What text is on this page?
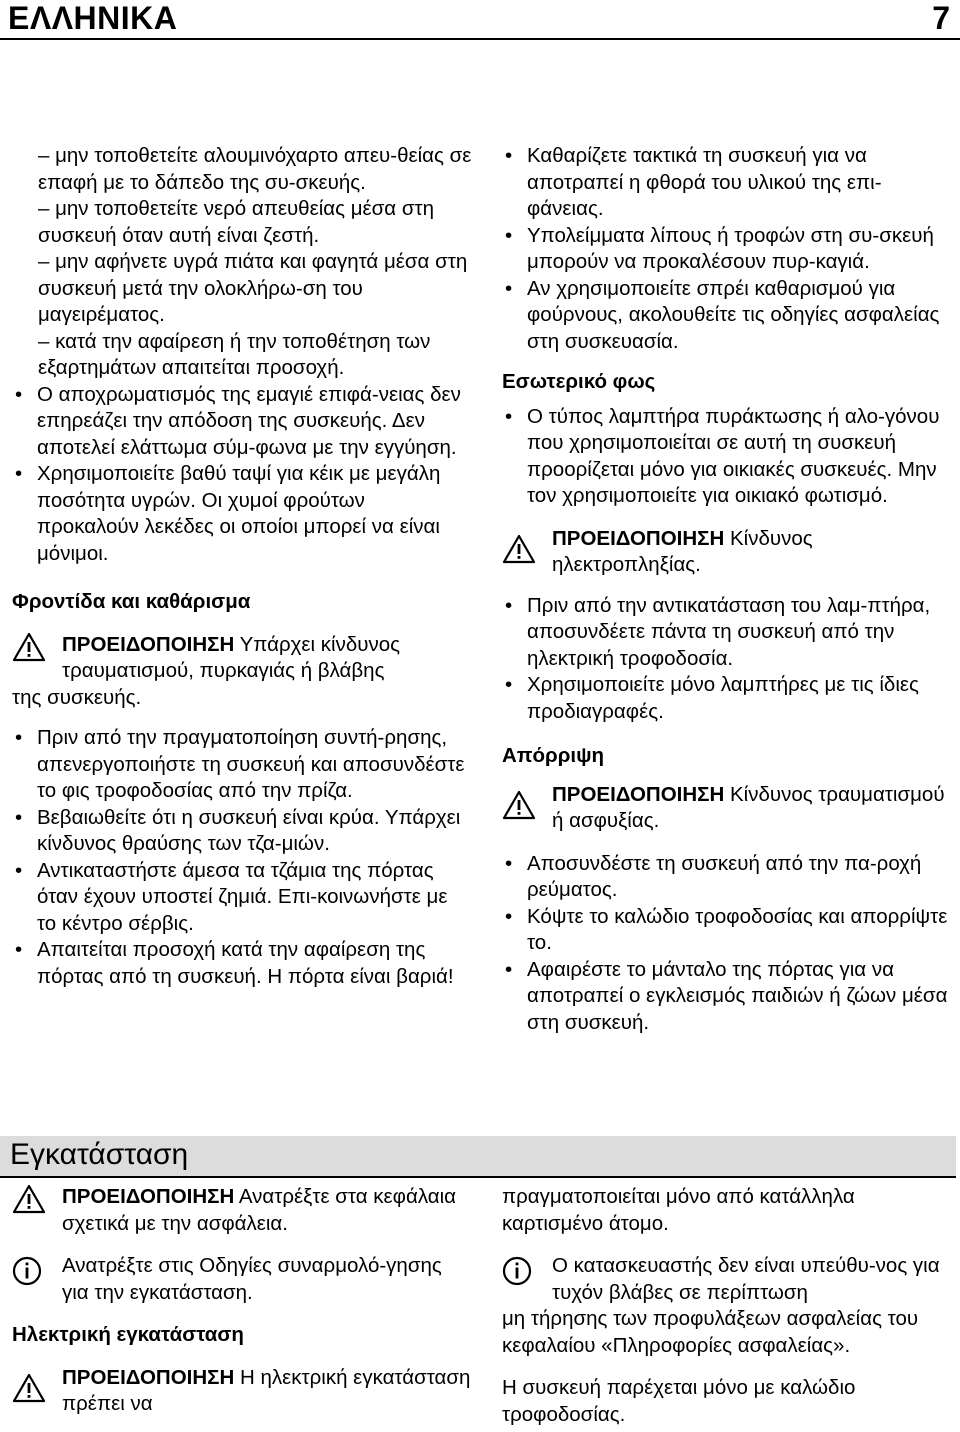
ΕΛΛΗΝΙΚΑ	7

– μην τοποθετείτε αλουμινόχαρτο απευ-θείας σε επαφή με το δάπεδο της συ-σκευής.

– μην τοποθετείτε νερό απευθείας μέσα στη συσκευή όταν αυτή είναι ζεστή.

– μην αφήνετε υγρά πιάτα και φαγητά μέσα στη συσκευή μετά την ολοκλήρω-ση του μαγειρέματος.

– κατά την αφαίρεση ή την τοποθέτηση των εξαρτημάτων απαιτείται προσοχή.

• Ο αποχρωματισμός της εμαγιέ επιφά-νειας δεν επηρεάζει την απόδοση της συσκευής. Δεν αποτελεί ελάττωμα σύμ-φωνα με την εγγύηση.

• Χρησιμοποιείτε βαθύ ταψί για κέικ με μεγάλη ποσότητα υγρών. Οι χυμοί φρούτων προκαλούν λεκέδες οι οποίοι μπορεί να είναι μόνιμοι.

Φροντίδα και καθάρισμα

ΠΡΟΕΙΔΟΠΟΙΗΣΗ Υπάρχει κίνδυνος τραυματισμού, πυρκαγιάς ή βλάβης
της συσκευής.

• Πριν από την πραγματοποίηση συντή-ρησης, απενεργοποιήστε τη συσκευή και αποσυνδέστε το φις τροφοδοσίας από την πρίζα.

• Βεβαιωθείτε ότι η συσκευή είναι κρύα. Υπάρχει κίνδυνος θραύσης των τζα-μιών.

• Αντικαταστήστε άμεσα τα τζάμια της πόρτας όταν έχουν υποστεί ζημιά. Επι-κοινωνήστε με το κέντρο σέρβις.

• Απαιτείται προσοχή κατά την αφαίρεση της πόρτας από τη συσκευή. Η πόρτα είναι βαριά!

• Καθαρίζετε τακτικά τη συσκευή για να αποτραπεί η φθορά του υλικού της επι-φάνειας.

• Υπολείμματα λίπους ή τροφών στη συ-σκευή μπορούν να προκαλέσουν πυρ-καγιά.

• Αν χρησιμοποιείτε σπρέι καθαρισμού για φούρνους, ακολουθείτε τις οδηγίες ασφαλείας στη συσκευασία.

Εσωτερικό φως

• Ο τύπος λαμπτήρα πυράκτωσης ή αλο-γόνου που χρησιμοποιείται σε αυτή τη συσκευή προορίζεται μόνο για οικιακές συσκευές. Μην τον χρησιμοποιείτε για οικιακό φωτισμό.

ΠΡΟΕΙΔΟΠΟΙΗΣΗ Κίνδυνος ηλεκτροπληξίας.

• Πριν από την αντικατάσταση του λαμ-πτήρα, αποσυνδέετε πάντα τη συσκευή από την ηλεκτρική τροφοδοσία.

• Χρησιμοποιείτε μόνο λαμπτήρες με τις ίδιες προδιαγραφές.

Απόρριψη

ΠΡΟΕΙΔΟΠΟΙΗΣΗ Κίνδυνος τραυματισμού ή ασφυξίας.

• Αποσυνδέστε τη συσκευή από την πα-ροχή ρεύματος.

• Κόψτε το καλώδιο τροφοδοσίας και απορρίψτε το.

• Αφαιρέστε το μάνταλο της πόρτας για να αποτραπεί ο εγκλεισμός παιδιών ή ζώων μέσα στη συσκευή.

Εγκατάσταση
ΠΡΟΕΙΔΟΠΟΙΗΣΗ Ανατρέξτε στα κεφάλαια σχετικά με την ασφάλεια.
Ανατρέξτε στις Οδηγίες συναρμολό-γησης για την εγκατάσταση.

Ηλεκτρική εγκατάσταση

ΠΡΟΕΙΔΟΠΟΙΗΣΗ Η ηλεκτρική εγκατάσταση πρέπει να

πραγματοποιείται μόνο από κατάλληλα καρτισμένο άτομο.

Ο κατασκευαστής δεν είναι υπεύθυ-νος για τυχόν βλάβες σε περίπτωση
μη τήρησης των προφυλάξεων ασφαλείας του κεφαλαίου «Πληροφορίες ασφαλείας».

Η συσκευή παρέχεται μόνο με καλώδιο τροφοδοσίας.
